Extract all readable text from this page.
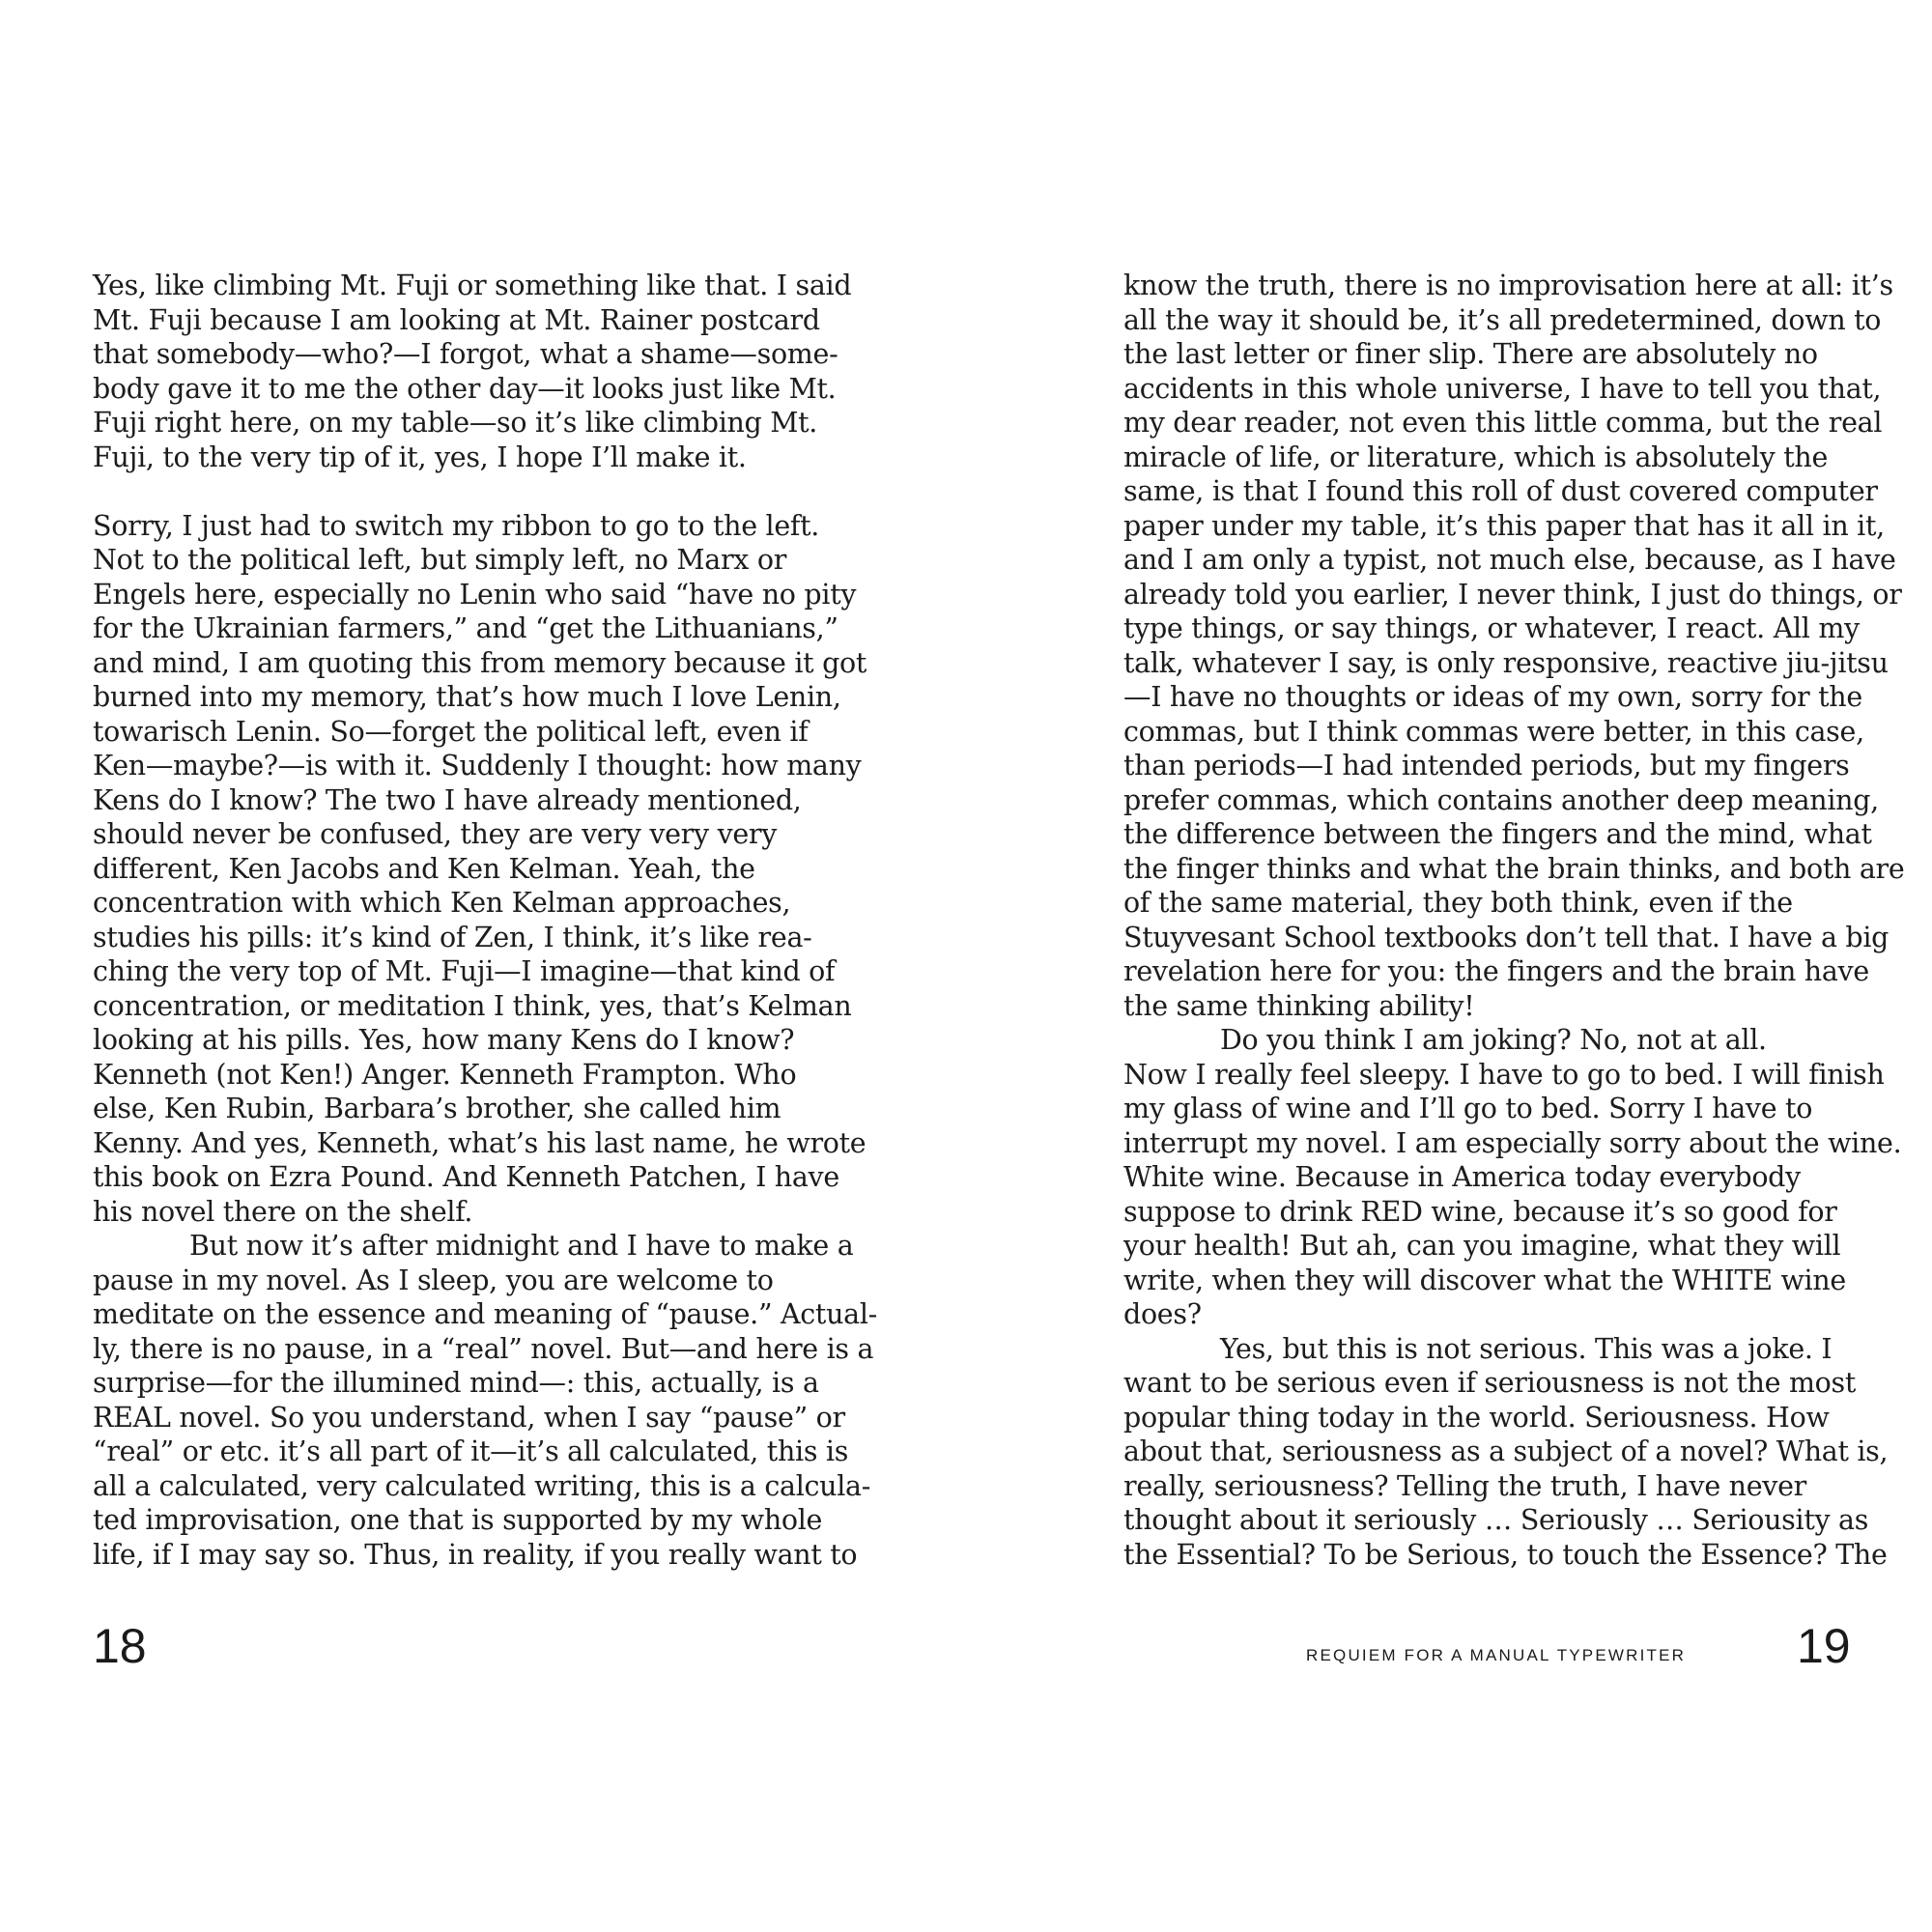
Yes, like climbing Mt. Fuji or something like that. I said
Mt. Fuji because I am looking at Mt. Rainer postcard
that somebody—who?—I forgot, what a shame—some-
body gave it to me the other day—it looks just like Mt.
Fuji right here, on my table—so it’s like climbing Mt.
Fuji, to the very tip of it, yes, I hope I’ll make it.
Sorry, I just had to switch my ribbon to go to the left.
Not to the political left, but simply left, no Marx or
Engels here, especially no Lenin who said “have no pity
for the Ukrainian farmers,” and “get the Lithuanians,”
and mind, I am quoting this from memory because it got
burned into my memory, that’s how much I love Lenin,
towarisch Lenin. So—forget the political left, even if
Ken—maybe?—is with it. Suddenly I thought: how many
Kens do I know? The two I have already mentioned,
should never be confused, they are very very very
different, Ken Jacobs and Ken Kelman. Yeah, the
concentration with which Ken Kelman approaches,
studies his pills: it’s kind of Zen, I think, it’s like rea-
ching the very top of Mt. Fuji—I imagine—that kind of
concentration, or meditation I think, yes, that’s Kelman
looking at his pills. Yes, how many Kens do I know?
Kenneth (not Ken!) Anger. Kenneth Frampton. Who
else, Ken Rubin, Barbara’s brother, she called him
Kenny. And yes, Kenneth, what’s his last name, he wrote
this book on Ezra Pound. And Kenneth Patchen, I have
his novel there on the shelf.
But now it’s after midnight and I have to make a
pause in my novel. As I sleep, you are welcome to
meditate on the essence and meaning of “pause.” Actual-
ly, there is no pause, in a “real” novel. But—and here is a
surprise—for the illumined mind—: this, actually, is a
REAL novel. So you understand, when I say “pause” or
“real” or etc. it’s all part of it—it’s all calculated, this is
all a calculated, very calculated writing, this is a calcula-
ted improvisation, one that is supported by my whole
life, if I may say so. Thus, in reality, if you really want to
know the truth, there is no improvisation here at all: it’s
all the way it should be, it’s all predetermined, down to
the last letter or finer slip. There are absolutely no
accidents in this whole universe, I have to tell you that,
my dear reader, not even this little comma, but the real
miracle of life, or literature, which is absolutely the
same, is that I found this roll of dust covered computer
paper under my table, it’s this paper that has it all in it,
and I am only a typist, not much else, because, as I have
already told you earlier, I never think, I just do things, or
type things, or say things, or whatever, I react. All my
talk, whatever I say, is only responsive, reactive jiu-jitsu
—I have no thoughts or ideas of my own, sorry for the
commas, but I think commas were better, in this case,
than periods—I had intended periods, but my fingers
prefer commas, which contains another deep meaning,
the difference between the fingers and the mind, what
the finger thinks and what the brain thinks, and both are
of the same material, they both think, even if the
Stuyvesant School textbooks don’t tell that. I have a big
revelation here for you: the fingers and the brain have
the same thinking ability!
Do you think I am joking? No, not at all.
Now I really feel sleepy. I have to go to bed. I will finish
my glass of wine and I’ll go to bed. Sorry I have to
interrupt my novel. I am especially sorry about the wine.
White wine. Because in America today everybody
suppose to drink RED wine, because it’s so good for
your health! But ah, can you imagine, what they will
write, when they will discover what the WHITE wine
does?
Yes, but this is not serious. This was a joke. I
want to be serious even if seriousness is not the most
popular thing today in the world. Seriousness. How
about that, seriousness as a subject of a novel? What is,
really, seriousness? Telling the truth, I have never
thought about it seriously … Seriously … Seriousity as
the Essential? To be Serious, to touch the Essence? The
18	REQUIEM FOR A MANUAL TYPEWRITER 19
